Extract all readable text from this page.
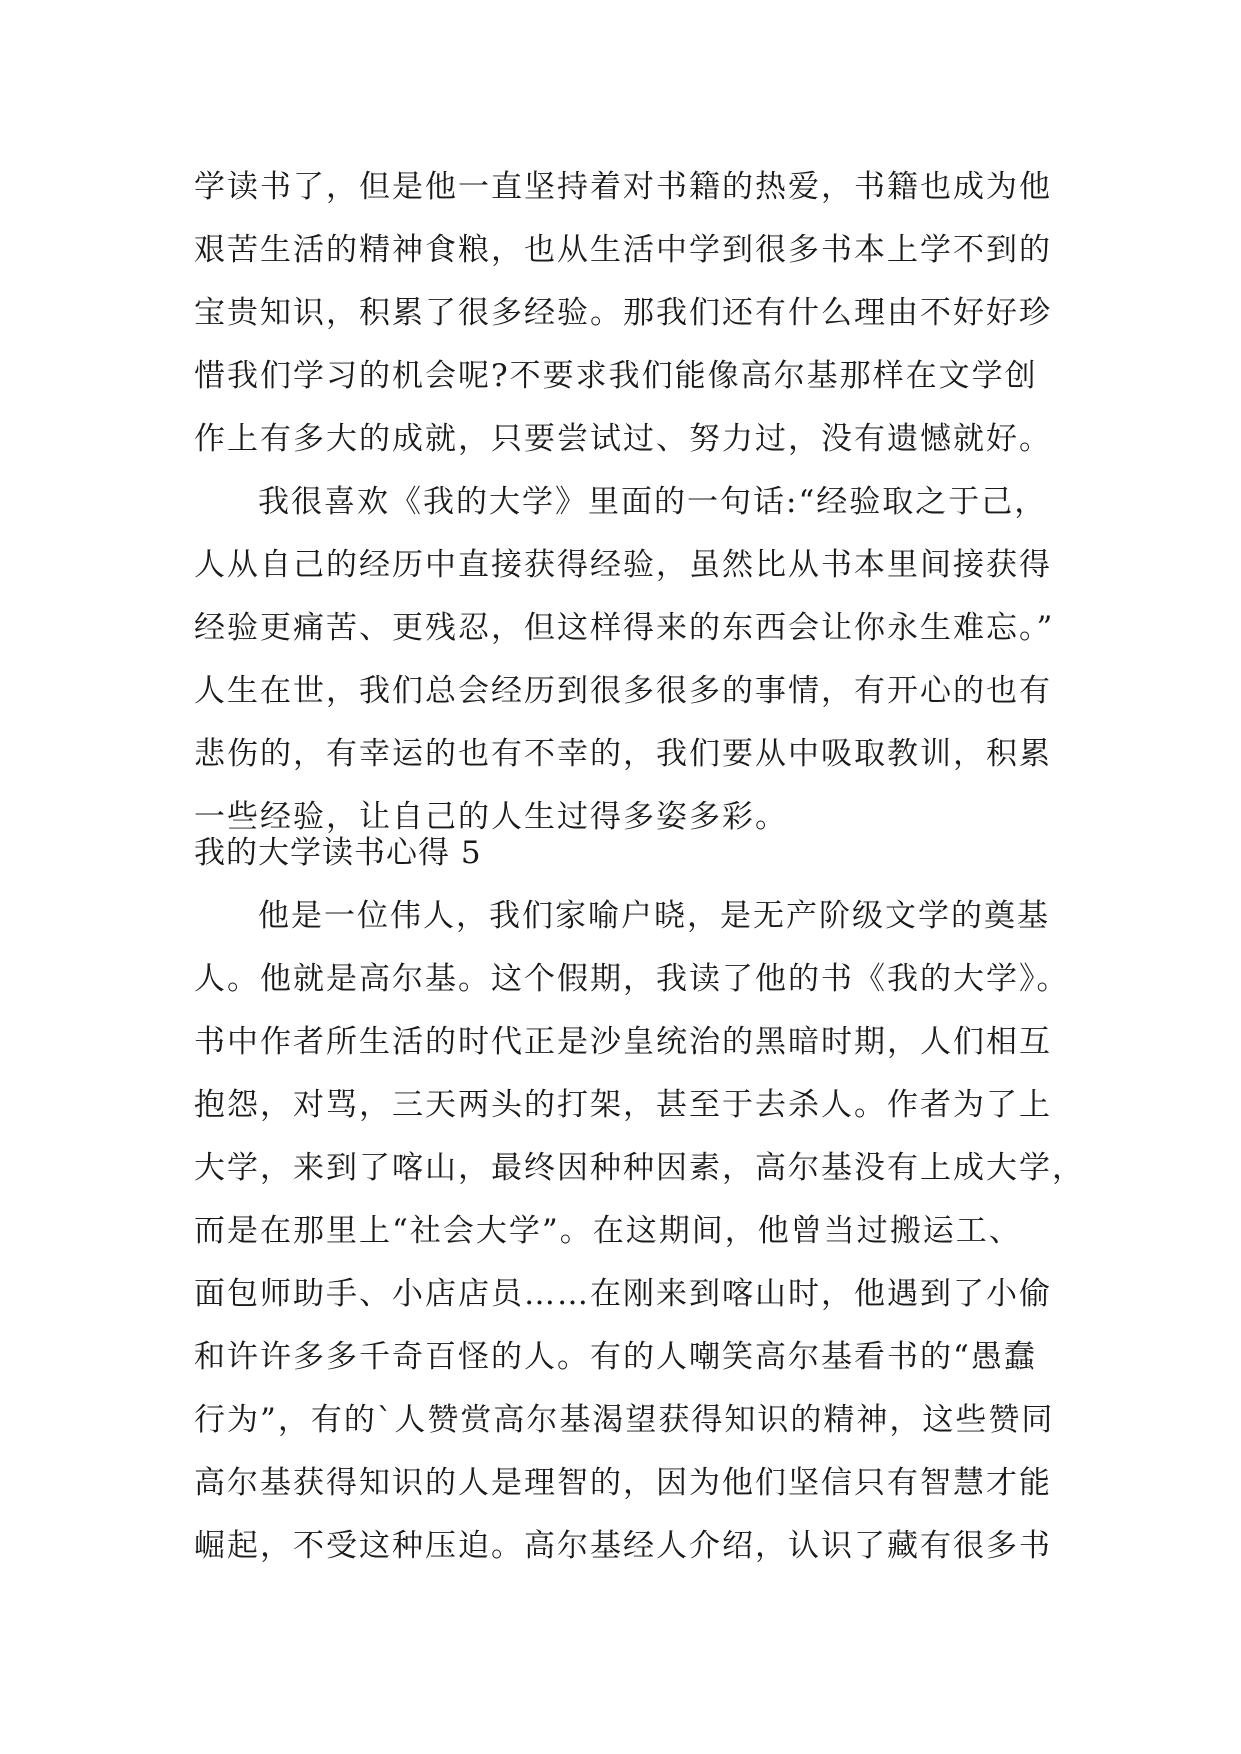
学读书了，但是他一直坚持着对书籍的热爱，书籍也成为他
艰苦生活的精神食粮，也从生活中学到很多书本上学不到的
宝贵知识，积累了很多经验。那我们还有什么理由不好好珍
惜我们学习的机会呢?不要求我们能像高尔基那样在文学创
作上有多大的成就，只要尝试过、努力过，没有遗憾就好。
我很喜欢《我的大学》里面的一句话:“经验取之于己，
人从自己的经历中直接获得经验，虽然比从书本里间接获得
经验更痛苦、更残忍，但这样得来的东西会让你永生难忘。”
人生在世，我们总会经历到很多很多的事情，有开心的也有
悲伤的，有幸运的也有不幸的，我们要从中吸取教训，积累
一些经验，让自己的人生过得多姿多彩。
我的大学读书心得 5
他是一位伟人，我们家喻户晓，是无产阶级文学的奠基
人。他就是高尔基。这个假期，我读了他的书《我的大学》。
书中作者所生活的时代正是沙皇统治的黑暗时期，人们相互
抱怨，对骂，三天两头的打架，甚至于去杀人。作者为了上
大学，来到了喀山，最终因种种因素，高尔基没有上成大学，
而是在那里上“社会大学”。在这期间，他曾当过搬运工、
面包师助手、小店店员……在刚来到喀山时，他遇到了小偷
和许许多多千奇百怪的人。有的人嘲笑高尔基看书的“愚蠢
行为”，有的`人赞赏高尔基渴望获得知识的精神，这些赞同
高尔基获得知识的人是理智的，因为他们坚信只有智慧才能
崛起，不受这种压迫。高尔基经人介绍，认识了藏有很多书
